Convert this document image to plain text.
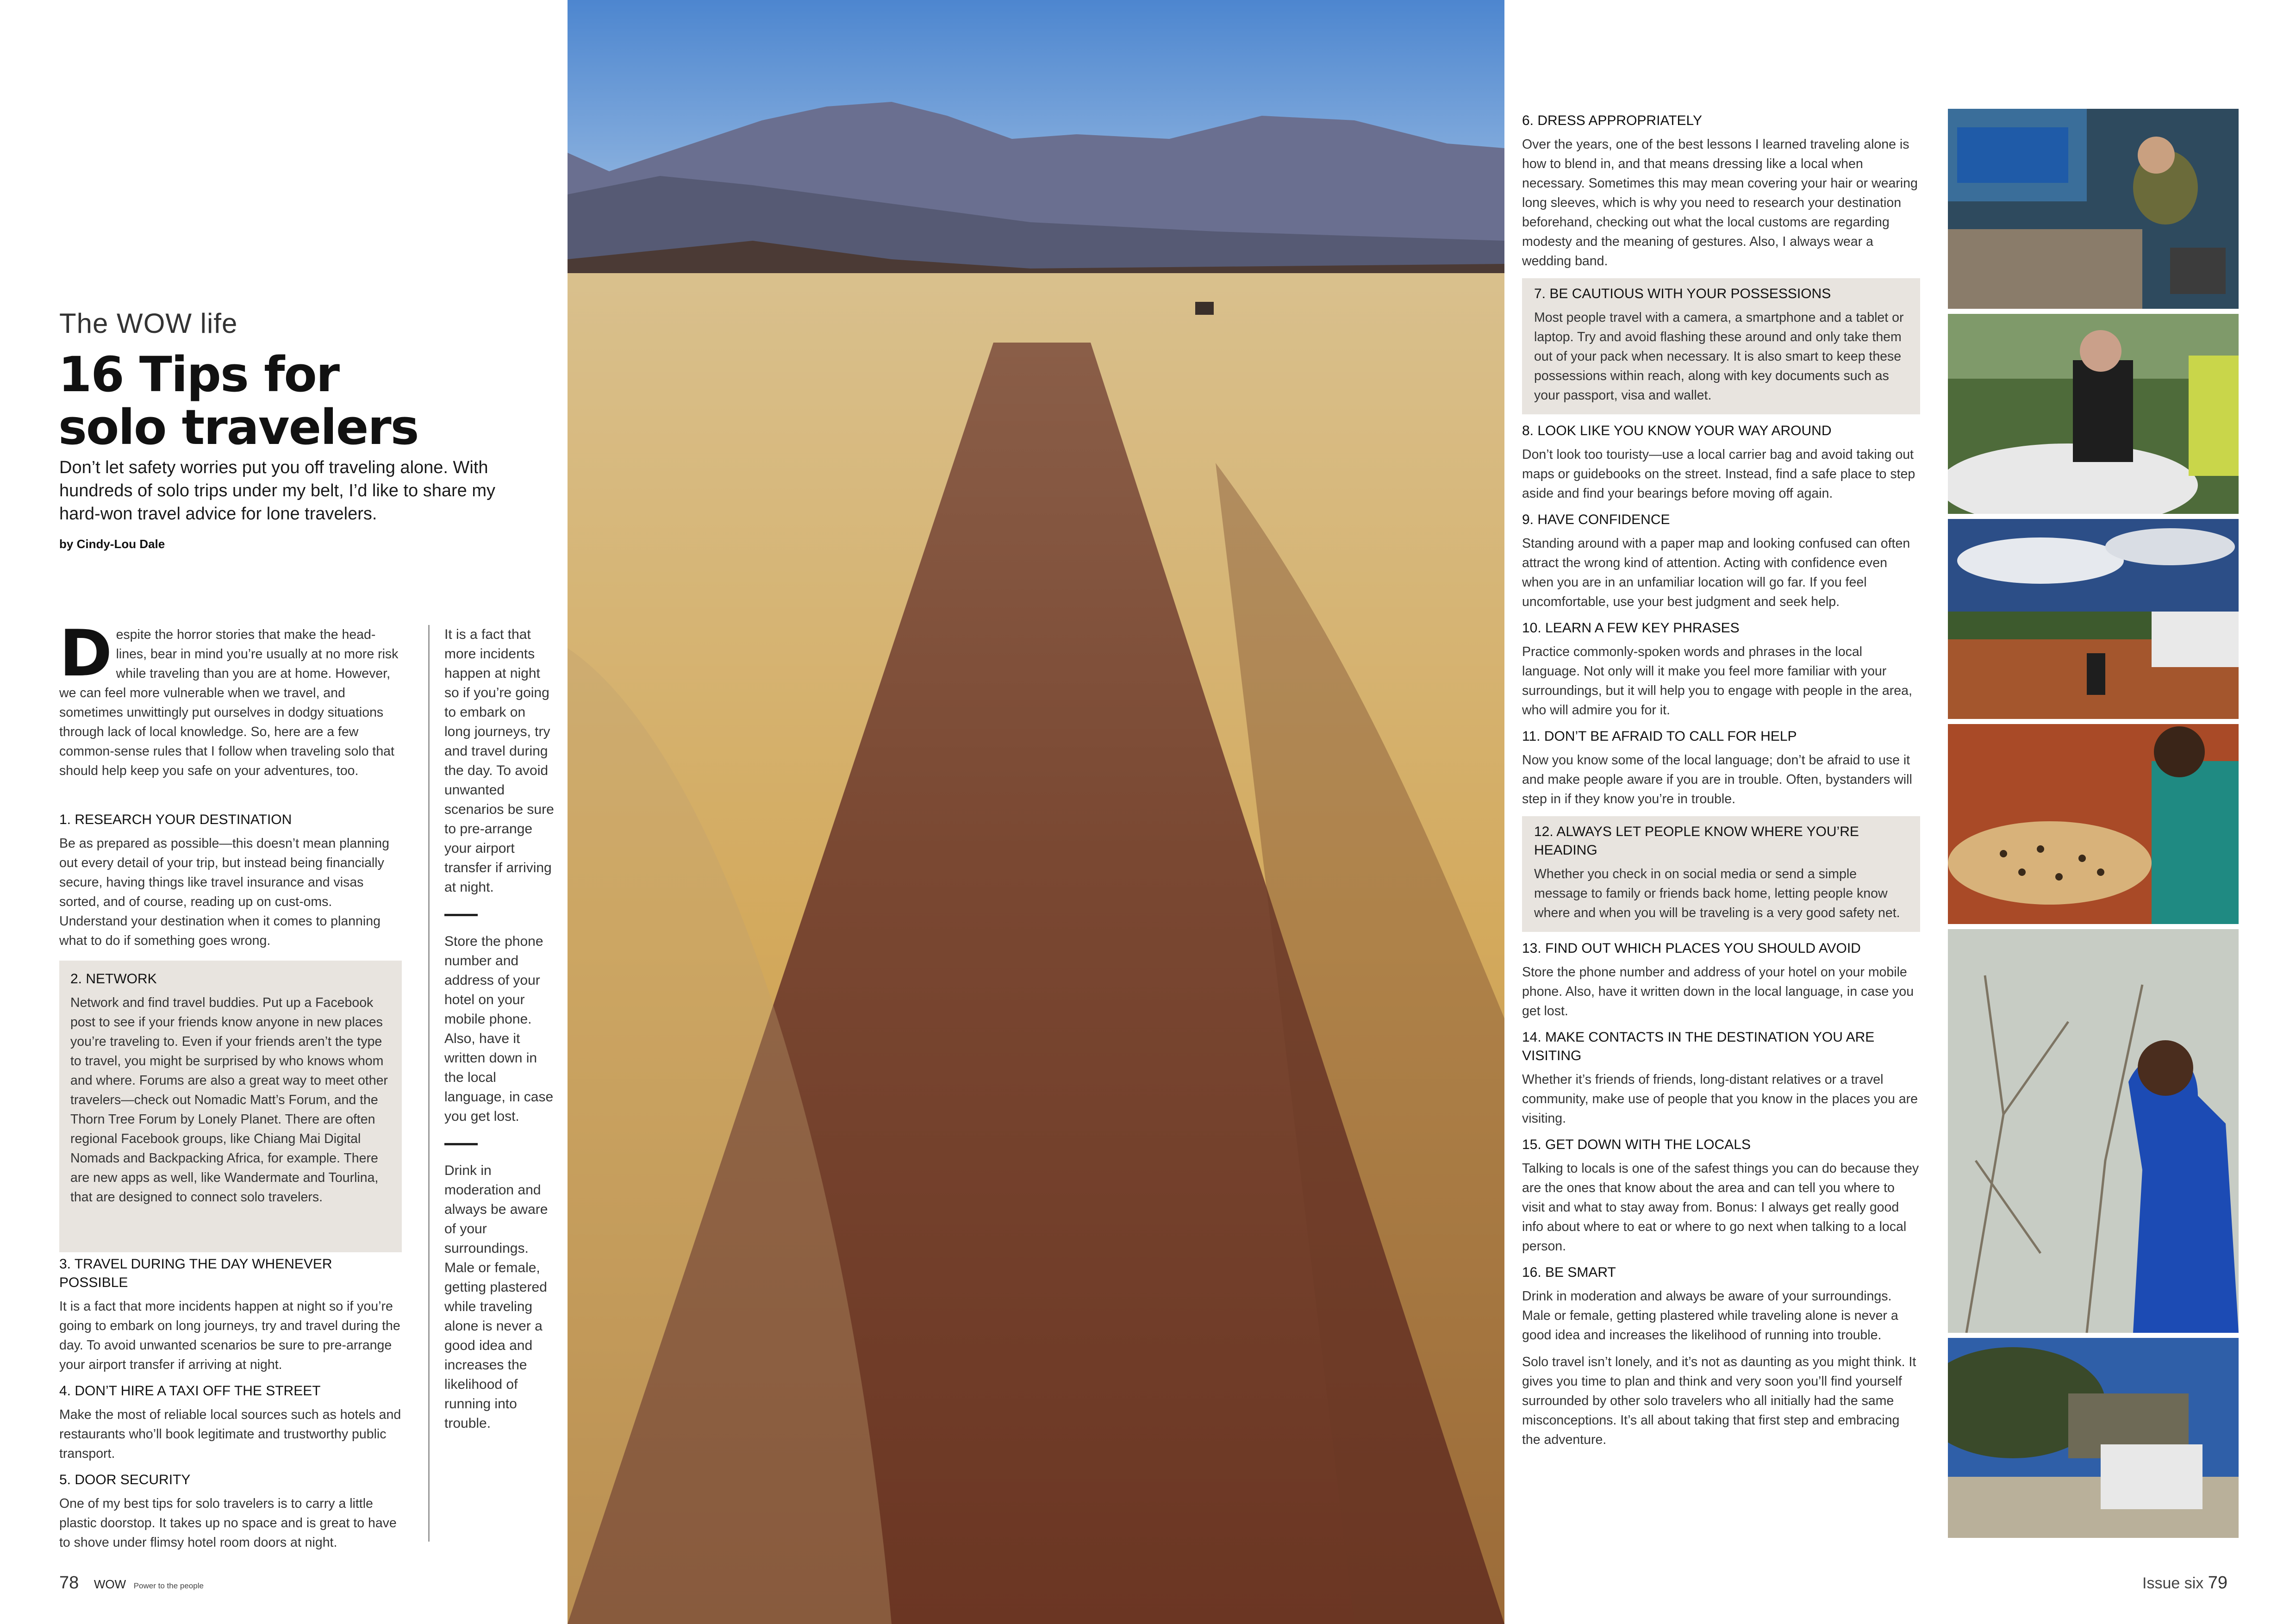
The WOW life
16 Tips for
solo travelers
Don’t let safety worries put you off traveling alone. With hundreds of solo trips under my belt, I’d like to share my hard-won travel advice for lone travelers.
by Cindy-Lou Dale
D espite the horror stories that make the head-lines, bear in mind you’re usually at no more risk while traveling than you are at home. However, we can feel more vulnerable when we travel, and sometimes unwittingly put ourselves in dodgy situations through lack of local knowledge. So, here are a few common-sense rules that I follow when traveling solo that should help keep you safe on your adventures, too.
1. RESEARCH YOUR DESTINATION

Be as prepared as possible—this doesn’t mean planning out every detail of your trip, but instead being financially secure, having things like travel insurance and visas sorted, and of course, reading up on cust-oms. Understand your destination when it comes to planning what to do if something goes wrong.

2. NETWORK

Network and find travel buddies. Put up a Facebook post to see if your friends know anyone in new places you’re traveling to. Even if your friends aren’t the type to travel, you might be surprised by who knows whom and where. Forums are also a great way to meet other travelers—check out Nomadic Matt’s Forum, and the Thorn Tree Forum by Lonely Planet. There are often regional Facebook groups, like Chiang Mai Digital Nomads and Backpacking Africa, for example. There are new apps as well, like Wandermate and Tourlina, that are designed to connect solo travelers.

3. TRAVEL DURING THE DAY WHENEVER POSSIBLE

It is a fact that more incidents happen at night so if you’re going to embark on long journeys, try and travel during the day. To avoid unwanted scenarios be sure to pre-arrange your airport transfer if arriving at night.

4. DON’T HIRE A TAXI OFF THE STREET

Make the most of reliable local sources such as hotels and restaurants who’ll book legitimate and trustworthy public transport.

5. DOOR SECURITY

One of my best tips for solo travelers is to carry a little plastic doorstop. It takes up no space and is great to have to shove under flimsy hotel room doors at night.

It is a fact that more incidents happen at night so if you’re going to embark on long journeys, try and travel during the day. To avoid unwanted scenarios be sure to pre-arrange your airport transfer if arriving at night.

Store the phone number and address of your hotel on your mobile phone. Also, have it written down in the local language, in case you get lost.

Drink in moderation and always be aware of your surroundings. Male or female, getting plastered while traveling alone is never a good idea and increases the likelihood of running into trouble.

78 WOW Power to the people
6. DRESS APPROPRIATELY

Over the years, one of the best lessons I learned traveling alone is how to blend in, and that means dressing like a local when necessary. Sometimes this may mean covering your hair or wearing long sleeves, which is why you need to research your destination beforehand, checking out what the local customs are regarding modesty and the meaning of gestures. Also, I always wear a wedding band.

7. BE CAUTIOUS WITH YOUR POSSESSIONS

Most people travel with a camera, a smartphone and a tablet or laptop. Try and avoid flashing these around and only take them out of your pack when necessary. It is also smart to keep these possessions within reach, along with key documents such as your passport, visa and wallet.

8. LOOK LIKE YOU KNOW YOUR WAY AROUND

Don’t look too touristy—use a local carrier bag and avoid taking out maps or guidebooks on the street. Instead, find a safe place to step aside and find your bearings before moving off again.

9. HAVE CONFIDENCE

Standing around with a paper map and looking confused can often attract the wrong kind of attention. Acting with confidence even when you are in an unfamiliar location will go far. If you feel uncomfortable, use your best judgment and seek help.

10. LEARN A FEW KEY PHRASES

Practice commonly-spoken words and phrases in the local language. Not only will it make you feel more familiar with your surroundings, but it will help you to engage with people in the area, who will admire you for it.

11. DON’T BE AFRAID TO CALL FOR HELP

Now you know some of the local language; don’t be afraid to use it and make people aware if you are in trouble. Often, bystanders will step in if they know you’re in trouble.

12. ALWAYS LET PEOPLE KNOW WHERE YOU’RE HEADING

Whether you check in on social media or send a simple message to family or friends back home, letting people know where and when you will be traveling is a very good safety net.

13. FIND OUT WHICH PLACES YOU SHOULD AVOID

Store the phone number and address of your hotel on your mobile phone. Also, have it written down in the local language, in case you get lost.

14. MAKE CONTACTS IN THE DESTINATION YOU ARE VISITING

Whether it’s friends of friends, long-distant relatives or a travel community, make use of people that you know in the places you are visiting.

15. GET DOWN WITH THE LOCALS

Talking to locals is one of the safest things you can do because they are the ones that know about the area and can tell you where to visit and what to stay away from. Bonus: I always get really good info about where to eat or where to go next when talking to a local person.

16. BE SMART

Drink in moderation and always be aware of your surroundings. Male or female, getting plastered while traveling alone is never a good idea and increases the likelihood of running into trouble.

Solo travel isn’t lonely, and it’s not as daunting as you might think. It gives you time to plan and think and very soon you’ll find yourself surrounded by other solo travelers who all initially had the same misconceptions. It’s all about taking that first step and embracing the adventure.

Issue six 79
